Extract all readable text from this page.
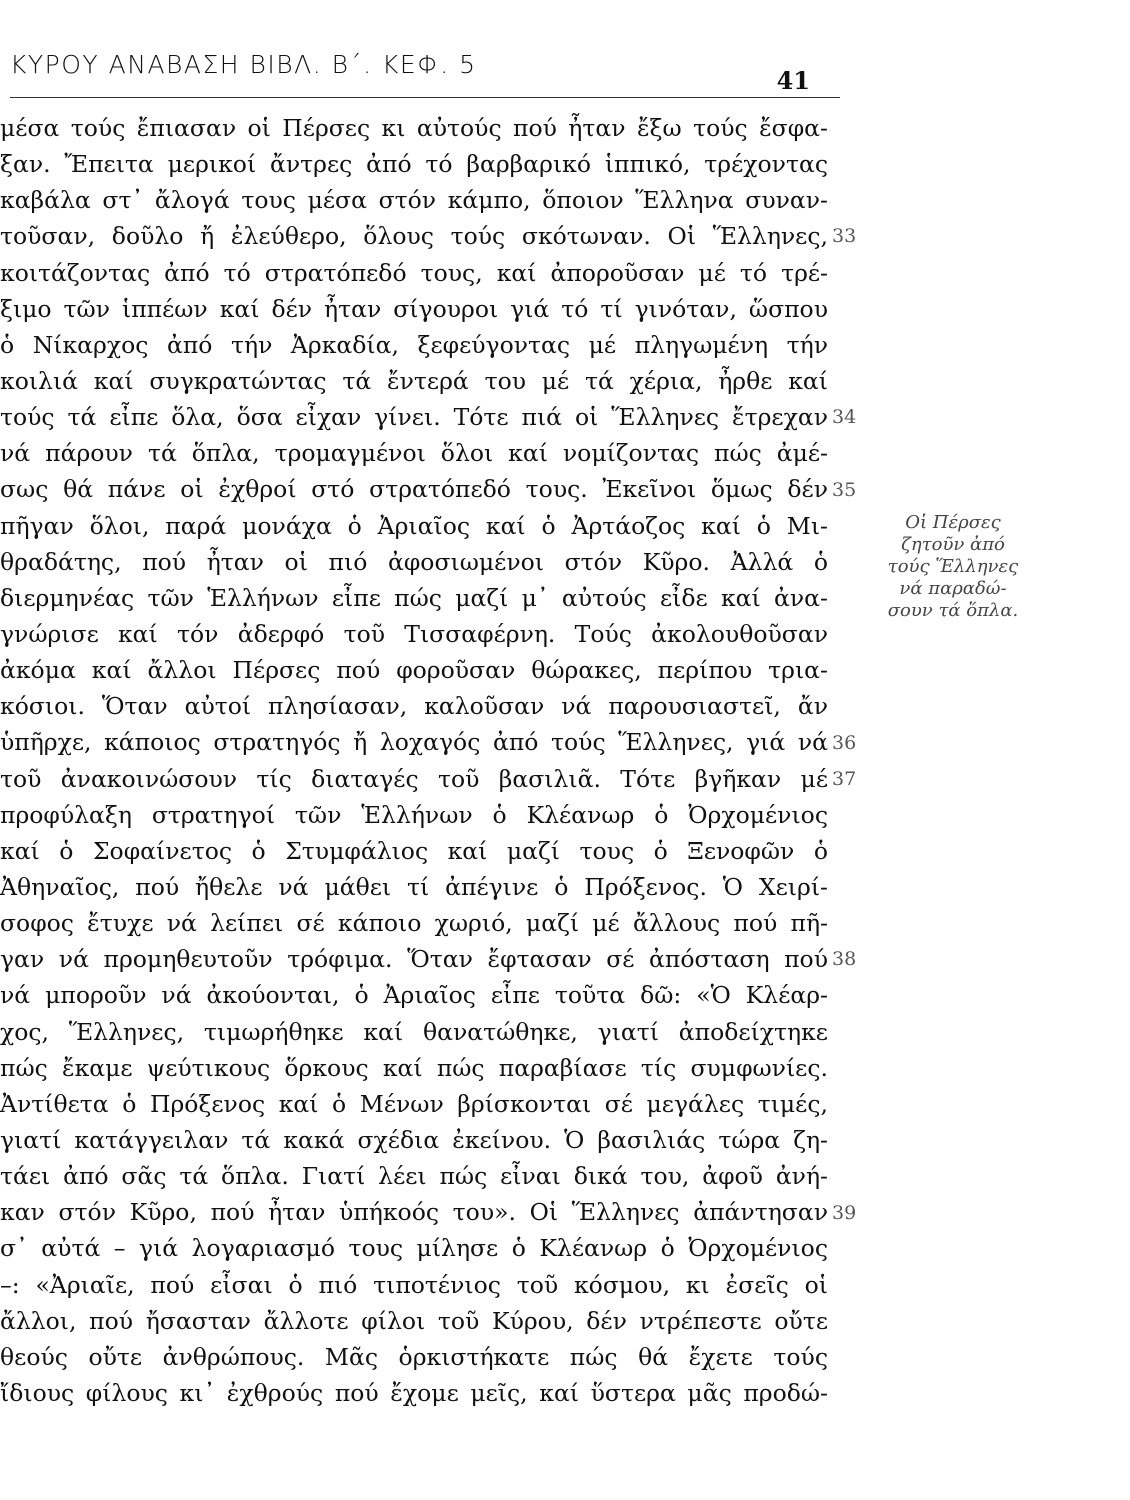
ΚΥΡΟΥ ΑΝΑΒΑΣΗ ΒΙΒΛ. Β΄. ΚΕΦ. 5
41
μέσα τούς ἔπιασαν οἱ Πέρσες κι αὐτούς πού ἦταν ἔξω τούς ἔσφα-
ξαν. Ἔπειτα μερικοί ἄντρες ἀπό τό βαρβαρικό ἱππικό, τρέχοντας
καβάλα στ᾿ ἄλογά τους μέσα στόν κάμπο, ὅποιον Ἕλληνα συναν-
τοῦσαν, δοῦλο ἤ ἐλεύθερο, ὅλους τούς σκότωναν. Οἱ Ἕλληνες,
κοιτάζοντας ἀπό τό στρατόπεδό τους, καί ἀποροῦσαν μέ τό τρέ-
ξιμο τῶν ἱππέων καί δέν ἦταν σίγουροι γιά τό τί γινόταν, ὥσπου
ὁ Νίκαρχος ἀπό τήν Ἀρκαδία, ξεφεύγοντας μέ πληγωμένη τήν
κοιλιά καί συγκρατώντας τά ἔντερά του μέ τά χέρια, ἦρθε καί
τούς τά εἶπε ὅλα, ὅσα εἶχαν γίνει. Τότε πιά οἱ Ἕλληνες ἔτρεχαν
νά πάρουν τά ὅπλα, τρομαγμένοι ὅλοι καί νομίζοντας πώς ἀμέ-
σως θά πάνε οἱ ἐχθροί στό στρατόπεδό τους. Ἐκεῖνοι ὅμως δέν
πῆγαν ὅλοι, παρά μονάχα ὁ Ἀριαῖος καί ὁ Ἀρτάοζος καί ὁ Μι-
θραδάτης, πού ἦταν οἱ πιό ἀφοσιωμένοι στόν Κῦρο. Ἀλλά ὁ
διερμηνέας τῶν Ἑλλήνων εἶπε πώς μαζί μ᾿ αὐτούς εἶδε καί ἀνα-
γνώρισε καί τόν ἀδερφό τοῦ Τισσαφέρνη. Τούς ἀκολουθοῦσαν
ἀκόμα καί ἄλλοι Πέρσες πού φοροῦσαν θώρακες, περίπου τρια-
κόσιοι. Ὅταν αὐτοί πλησίασαν, καλοῦσαν νά παρουσιαστεῖ, ἄν
ὑπῆρχε, κάποιος στρατηγός ἤ λοχαγός ἀπό τούς Ἕλληνες, γιά νά
τοῦ ἀνακοινώσουν τίς διαταγές τοῦ βασιλιᾶ. Τότε βγῆκαν μέ
προφύλαξη στρατηγοί τῶν Ἑλλήνων ὁ Κλέανωρ ὁ Ὀρχομένιος
καί ὁ Σοφαίνετος ὁ Στυμφάλιος καί μαζί τους ὁ Ξενοφῶν ὁ
Ἀθηναῖος, πού ἤθελε νά μάθει τί ἀπέγινε ὁ Πρόξενος. Ὁ Χειρί-
σοφος ἔτυχε νά λείπει σέ κάποιο χωριό, μαζί μέ ἄλλους πού πῆ-
γαν νά προμηθευτοῦν τρόφιμα. Ὅταν ἔφτασαν σέ ἀπόσταση πού
νά μποροῦν νά ἀκούονται, ὁ Ἀριαῖος εἶπε τοῦτα δῶ: «Ὁ Κλέαρ-
χος, Ἕλληνες, τιμωρήθηκε καί θανατώθηκε, γιατί ἀποδείχτηκε
πώς ἔκαμε ψεύτικους ὅρκους καί πώς παραβίασε τίς συμφωνίες.
Ἀντίθετα ὁ Πρόξενος καί ὁ Μένων βρίσκονται σέ μεγάλες τιμές,
γιατί κατάγγειλαν τά κακά σχέδια ἐκείνου. Ὁ βασιλιάς τώρα ζη-
τάει ἀπό σᾶς τά ὅπλα. Γιατί λέει πώς εἶναι δικά του, ἀφοῦ ἀνή-
καν στόν Κῦρο, πού ἦταν ὑπήκοός του». Οἱ Ἕλληνες ἀπάντησαν
σ᾿ αὐτά – γιά λογαριασμό τους μίλησε ὁ Κλέανωρ ὁ Ὀρχομένιος
–: «Ἀριαῖε, πού εἶσαι ὁ πιό τιποτένιος τοῦ κόσμου, κι ἐσεῖς οἱ
ἄλλοι, πού ἤσασταν ἄλλοτε φίλοι τοῦ Κύρου, δέν ντρέπεστε οὔτε
θεούς οὔτε ἀνθρώπους. Μᾶς ὁρκιστήκατε πώς θά ἔχετε τούς
ἴδιους φίλους κι᾿ ἐχθρούς πού ἔχομε μεῖς, καί ὕστερα μᾶς προδώ-
33
34
35
36
37
38
39
Οἱ Πέρσες
ζητοῦν ἀπό
τούς Ἕλληνες
νά παραδώ-
σουν τά ὅπλα.
